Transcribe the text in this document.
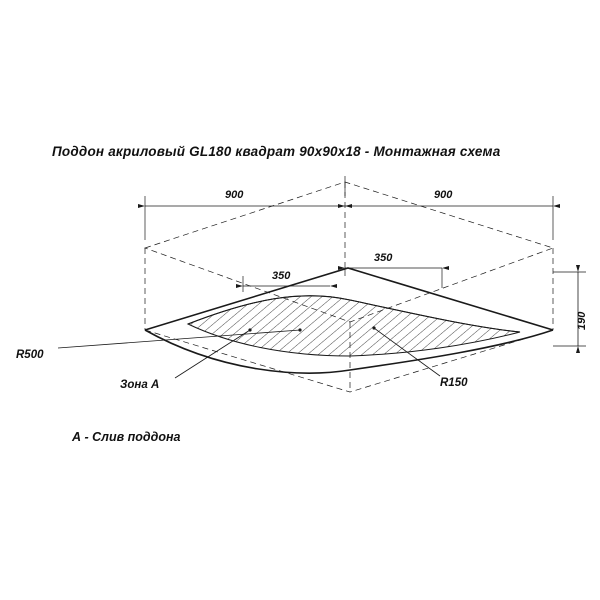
Поддон акриловый GL180 квадрат 90x90x18 - Монтажная схема
900	900
350
350
190
R500
Зона А	R150
А - Слив поддона
